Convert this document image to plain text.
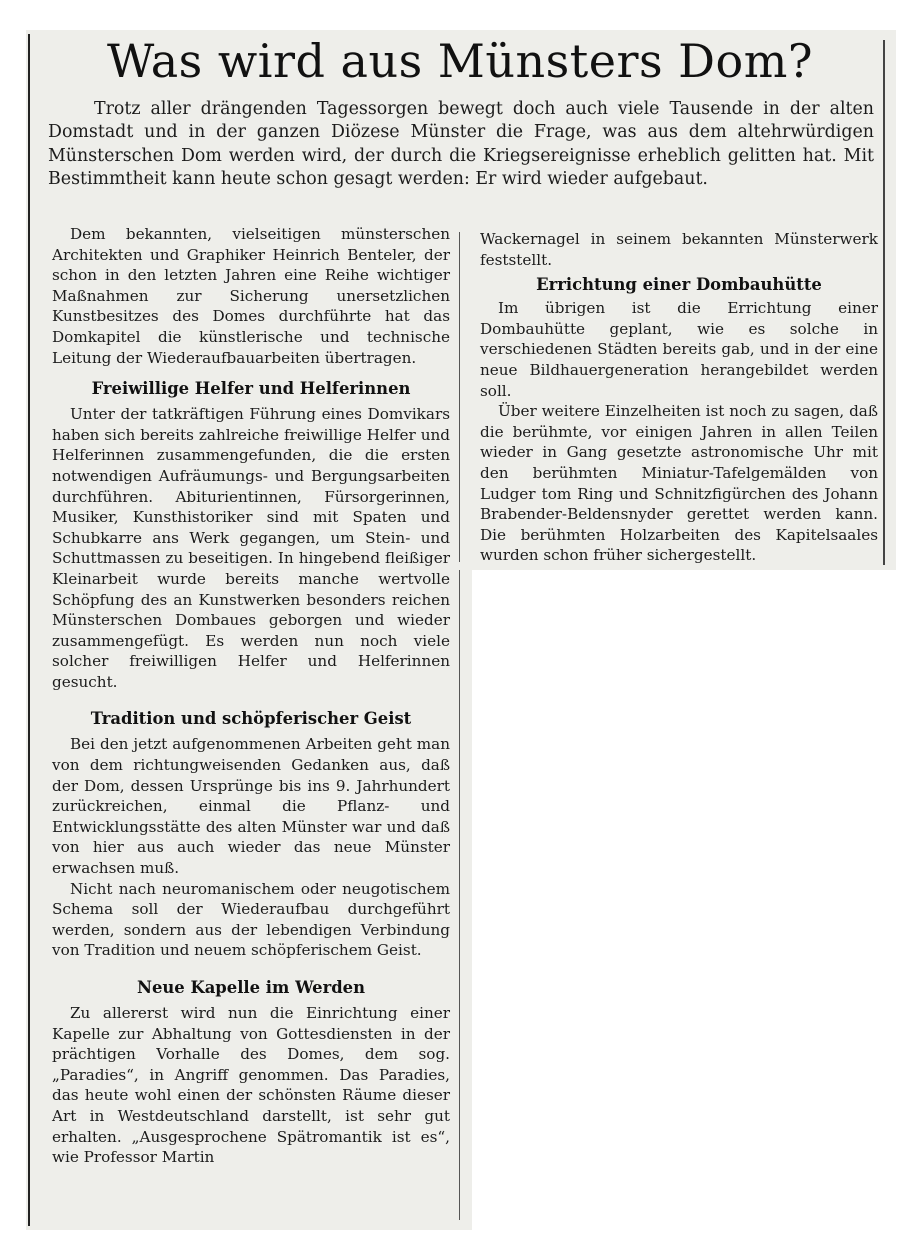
Was wird aus Münsters Dom?

Trotz aller drängenden Tagessorgen bewegt doch auch viele Tausende in der alten Domstadt und in der ganzen Diözese Münster die Frage, was aus dem altehrwürdigen Münsterschen Dom werden wird, der durch die Kriegsereignisse erheblich gelitten hat. Mit Bestimmtheit kann heute schon gesagt werden: Er wird wieder aufgebaut.

Dem bekannten, vielseitigen münsterschen Architekten und Graphiker Heinrich Benteler, der schon in den letzten Jahren eine Reihe wichtiger Maßnahmen zur Sicherung unersetzlichen Kunstbesitzes des Domes durchführte hat das Domkapitel die künstlerische und technische Leitung der Wiederaufbauarbeiten übertragen.

Freiwillige Helfer und Helferinnen

Unter der tatkräftigen Führung eines Domvikars haben sich bereits zahlreiche freiwillige Helfer und Helferinnen zusammengefunden, die die ersten notwendigen Aufräumungs- und Bergungsarbeiten durchführen. Abiturientinnen, Fürsorgerinnen, Musiker, Kunsthistoriker sind mit Spaten und Schubkarre ans Werk gegangen, um Stein- und Schuttmassen zu beseitigen. In hingebend fleißiger Kleinarbeit wurde bereits manche wertvolle Schöpfung des an Kunstwerken besonders reichen Münsterschen Dombaues geborgen und wieder zusammengefügt. Es werden nun noch viele solcher freiwilligen Helfer und Helferinnen gesucht.

Tradition und schöpferischer Geist

Bei den jetzt aufgenommenen Arbeiten geht man von dem richtungweisenden Gedanken aus, daß der Dom, dessen Ursprünge bis ins 9. Jahrhundert zurückreichen, einmal die Pflanz- und Entwicklungsstätte des alten Münster war und daß von hier aus auch wieder das neue Münster erwachsen muß.

Nicht nach neuromanischem oder neugotischem Schema soll der Wiederaufbau durchgeführt werden, sondern aus der lebendigen Verbindung von Tradition und neuem schöpferischem Geist.

Neue Kapelle im Werden

Zu allererst wird nun die Einrichtung einer Kapelle zur Abhaltung von Gottesdiensten in der prächtigen Vorhalle des Domes, dem sog. „Paradies“, in Angriff genommen. Das Paradies, das heute wohl einen der schönsten Räume dieser Art in Westdeutschland darstellt, ist sehr gut erhalten. „Ausgesprochene Spätromantik ist es“, wie Professor Martin

Wackernagel in seinem bekannten Münsterwerk feststellt.

Errichtung einer Dombauhütte

Im übrigen ist die Errichtung einer Dombauhütte geplant, wie es solche in verschiedenen Städten bereits gab, und in der eine neue Bildhauergeneration herangebildet werden soll.

Über weitere Einzelheiten ist noch zu sagen, daß die berühmte, vor einigen Jahren in allen Teilen wieder in Gang gesetzte astronomische Uhr mit den berühmten Miniatur-Tafelgemälden von Ludger tom Ring und Schnitzfigürchen des Johann Brabender-Beldensnyder gerettet werden kann. Die berühmten Holzarbeiten des Kapitelsaales wurden schon früher sichergestellt.
